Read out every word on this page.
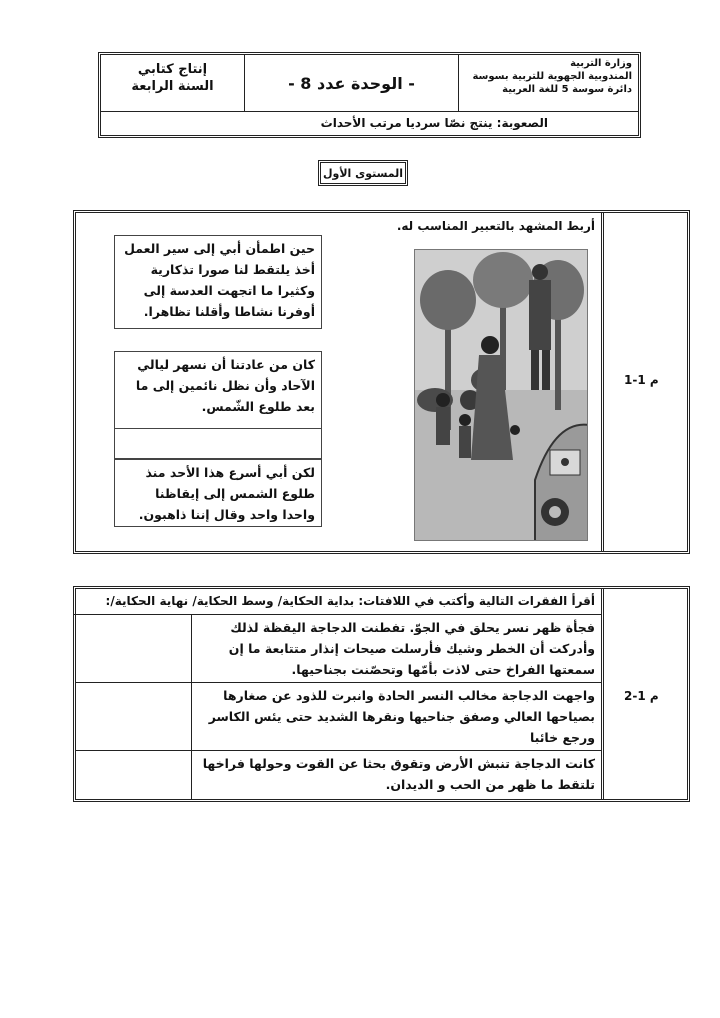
وزارة التربية
المندوبية الجهوية للتربية بسوسة
دائرة سوسة 5 للغة العربية
- الوحدة عدد 8 -
إنتاج كتابي
السنة الرابعة
الصعوبة: ينتج نصّا سرديا مرتب الأحداث
المستوى الأول
م 1-1
أربط المشهد بالتعبير المناسب له.
حين اطمأن أبي إلى سير العمل أخذ يلتقط لنا صورا تذكارية وكثيرا ما اتجهت العدسة إلى أوفرنا نشاطا وأقلنا تظاهرا.
كان من عادتنا أن نسهر ليالي الآحاد وأن نظل نائمين إلى ما بعد طلوع الشّمس.
لكن أبي أسرع هذا الأحد منذ طلوع الشمس إلى إيقاظنا واحدا واحد وقال إننا ذاهبون.
م 1-2
أقرأ الفقرات التالية وأكتب في اللافتات: بداية الحكاية/ وسط الحكاية/ نهاية الحكاية/:
فجأة ظهر نسر يحلق في الجوّ. تفطنت الدجاجة اليقظة لذلك وأدركت أن الخطر وشيك فأرسلت صيحات إنذار متتابعة ما إن سمعتها الفراخ حتى لاذت بأمّها وتحصّنت بجناحيها.
واجهت الدجاجة مخالب النسر الحادة وانبرت للذود عن صغارها بصياحها العالي وصفق جناحيها ونقرها الشديد حتى يئس الكاسر ورجع خائبا
كانت الدجاجة تنبش الأرض وتقوق بحثا عن القوت وحولها فراخها تلتقط ما ظهر من الحب و الديدان.
